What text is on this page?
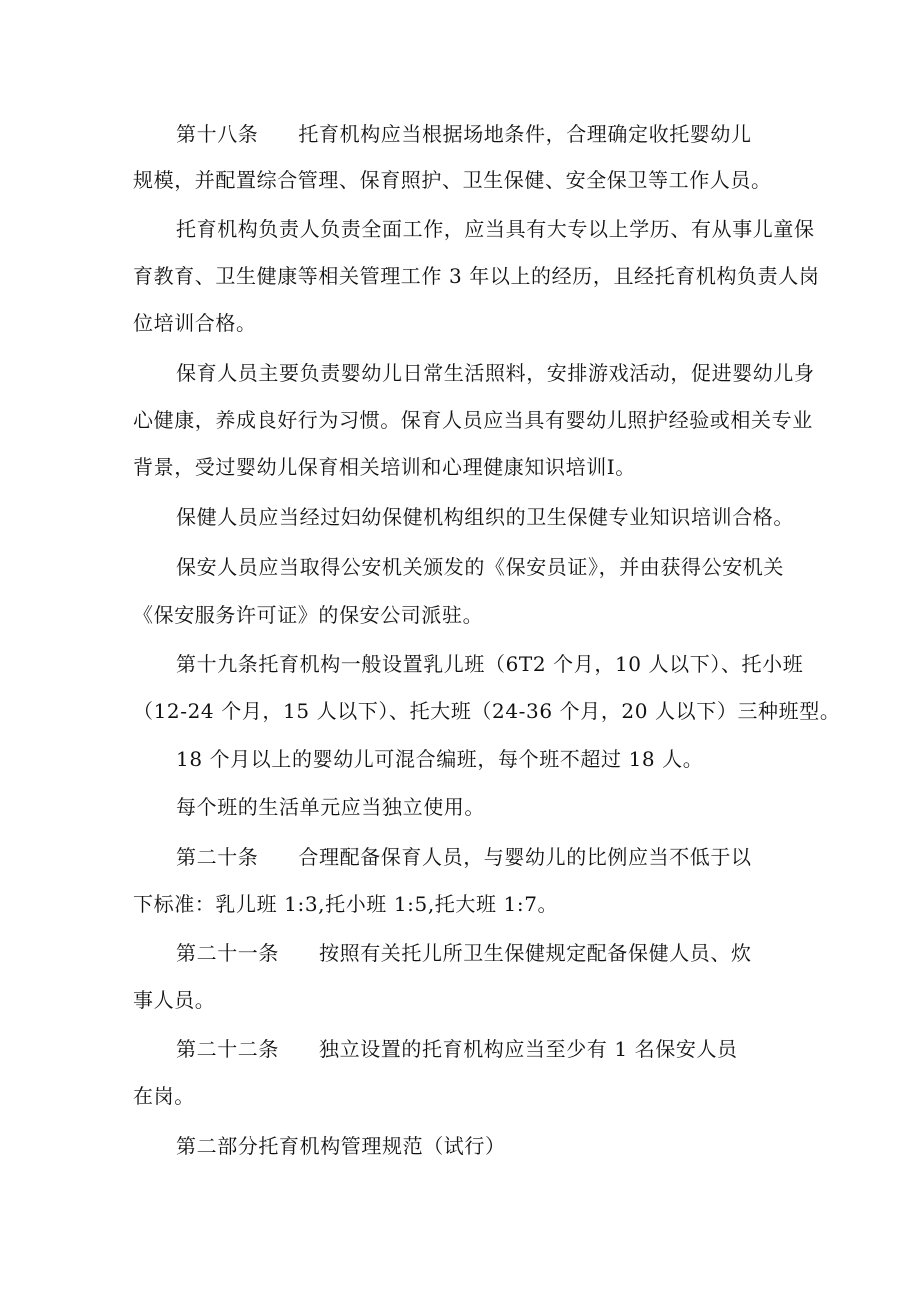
第十八条 托育机构应当根据场地条件，合理确定收托婴幼儿
规模，并配置综合管理、保育照护、卫生保健、安全保卫等工作人员。
托育机构负责人负责全面工作，应当具有大专以上学历、有从事儿童保
育教育、卫生健康等相关管理工作 3 年以上的经历，且经托育机构负责人岗
位培训合格。
保育人员主要负责婴幼儿日常生活照料，安排游戏活动，促进婴幼儿身
心健康，养成良好行为习惯。保育人员应当具有婴幼儿照护经验或相关专业
背景，受过婴幼儿保育相关培训和心理健康知识培训Ⅰ。
保健人员应当经过妇幼保健机构组织的卫生保健专业知识培训合格。
保安人员应当取得公安机关颁发的《保安员证》，并由获得公安机关
《保安服务许可证》的保安公司派驻。
第十九条托育机构一般设置乳儿班（6T2 个月，10 人以下）、托小班
（12-24 个月，15 人以下）、托大班（24-36 个月，20 人以下）三种班型。
18 个月以上的婴幼儿可混合编班，每个班不超过 18 人。
每个班的生活单元应当独立使用。
第二十条 合理配备保育人员，与婴幼儿的比例应当不低于以
下标准：乳儿班 1:3,托小班 1:5,托大班 1:7。
第二十一条 按照有关托儿所卫生保健规定配备保健人员、炊
事人员。
第二十二条 独立设置的托育机构应当至少有 1 名保安人员
在岗。
第二部分托育机构管理规范（试行）
